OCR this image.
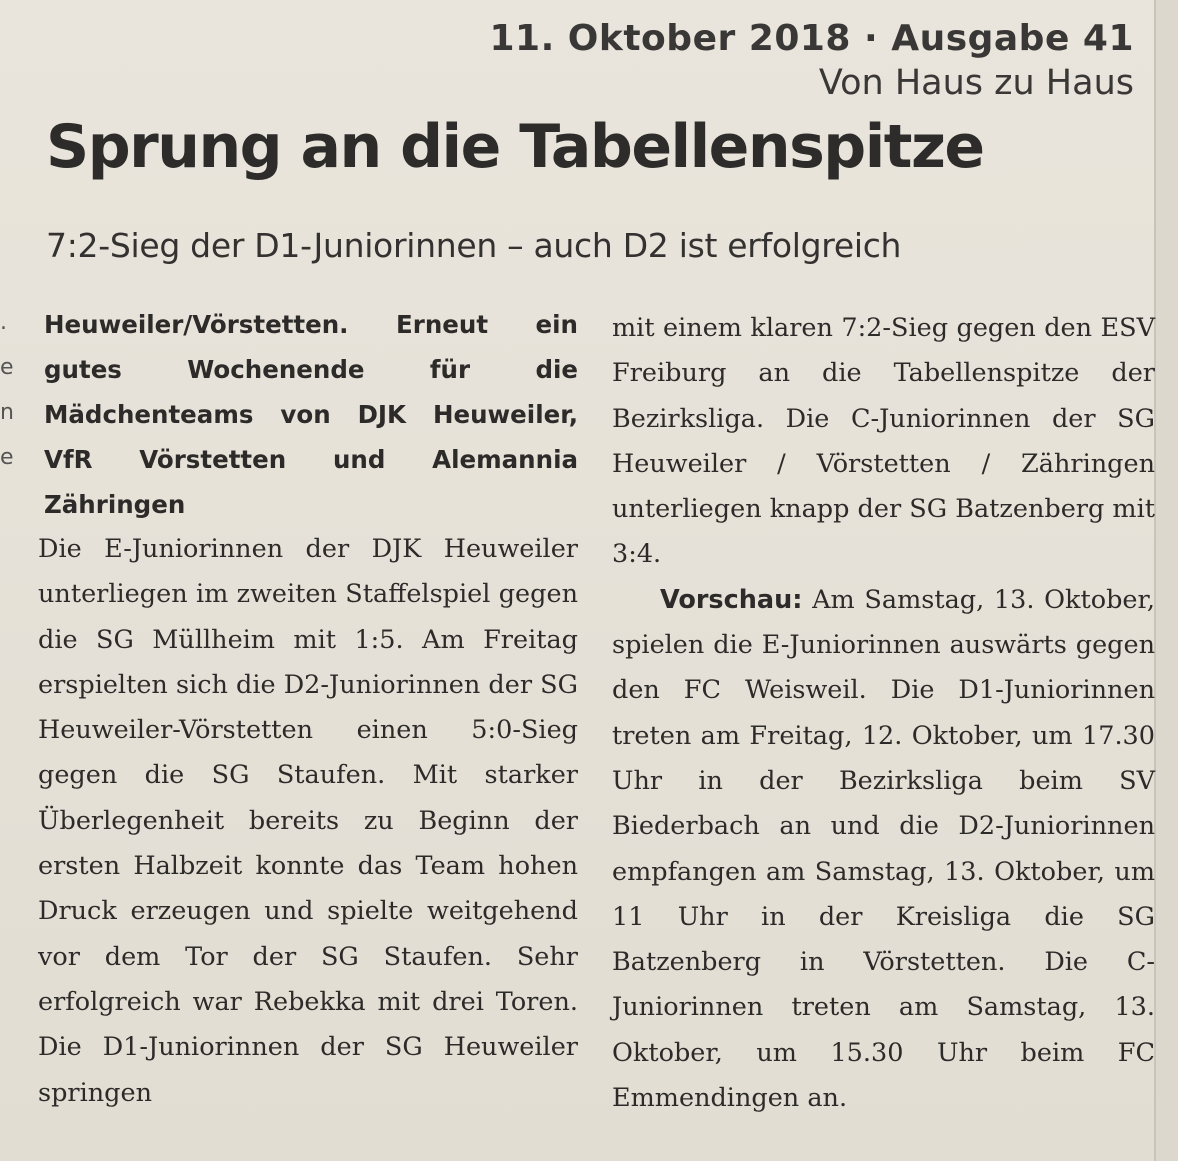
. e n e
11. Oktober 2018 · Ausgabe 41
Von Haus zu Haus
Sprung an die Tabellenspitze
7:2-Sieg der D1-Juniorinnen – auch D2 ist erfolgreich

Heuweiler/Vörstetten. Erneut ein gutes Wochenende für die Mädchenteams von DJK Heuweiler, VfR Vörstetten und Alemannia Zähringen

Die E-Juniorinnen der DJK Heuweiler unterliegen im zweiten Staffelspiel gegen die SG Müllheim mit 1:5. Am Freitag erspielten sich die D2-Juniorinnen der SG Heuweiler-Vörstetten einen 5:0-Sieg gegen die SG Staufen. Mit starker Überlegenheit bereits zu Beginn der ersten Halbzeit konnte das Team hohen Druck erzeugen und spielte weitgehend vor dem Tor der SG Staufen. Sehr erfolgreich war Rebekka mit drei Toren. Die D1-Juniorinnen der SG Heuweiler springen

mit einem klaren 7:2-Sieg gegen den ESV Freiburg an die Tabellenspitze der Bezirksliga. Die C-Juniorinnen der SG Heuweiler / Vörstetten / Zähringen unterliegen knapp der SG Batzenberg mit 3:4.

Vorschau: Am Samstag, 13. Oktober, spielen die E-Juniorinnen auswärts gegen den FC Weisweil. Die D1-Juniorinnen treten am Freitag, 12. Oktober, um 17.30 Uhr in der Bezirksliga beim SV Biederbach an und die D2-Juniorinnen empfangen am Samstag, 13. Oktober, um 11 Uhr in der Kreisliga die SG Batzenberg in Vörstetten. Die C-Juniorinnen treten am Samstag, 13. Oktober, um 15.30 Uhr beim FC Emmendingen an.
